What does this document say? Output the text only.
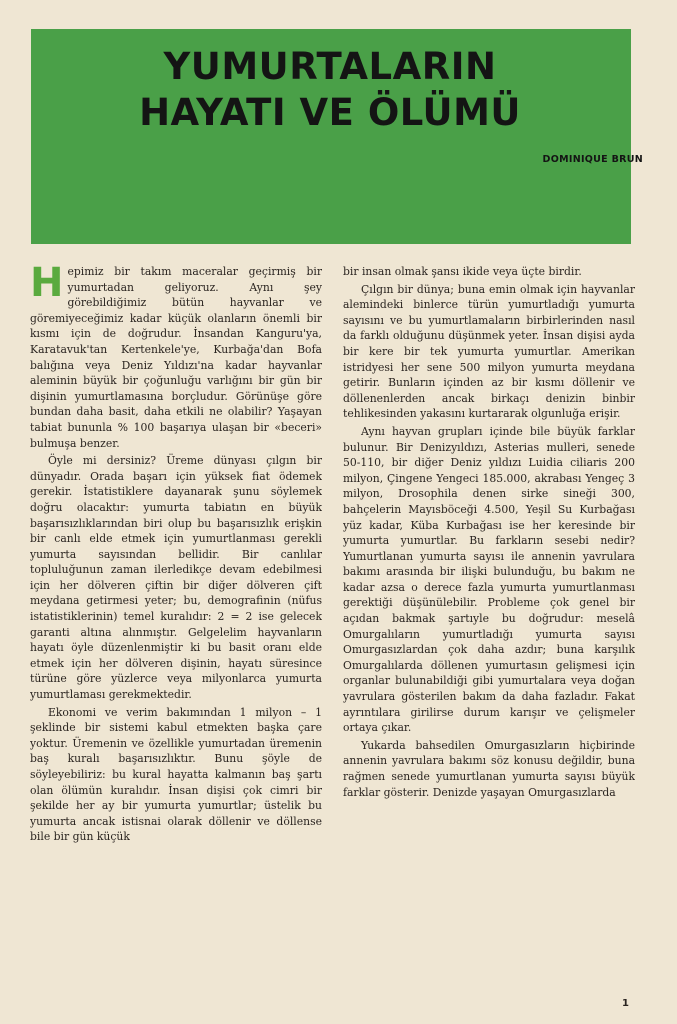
YUMURTALARIN
HAYATI VE ÖLÜMÜ
DOMINIQUE BRUN

Hepimiz bir takım maceralar geçirmiş bir yumurtadan geliyoruz. Aynı şey görebildiğimiz bütün hayvanlar ve göremiyeceğimiz kadar küçük olanların önemli bir kısmı için de doğrudur. İnsandan Kanguru'ya, Karatavuk'tan Kertenkele'ye, Kurbağa'dan Bofa balığına veya Deniz Yıldızı'na kadar hayvanlar aleminin büyük bir çoğunluğu varlığını bir gün bir dişinin yumurtlamasına borçludur. Görünüşe göre bundan daha basit, daha etkili ne olabilir? Yaşayan tabiat bununla % 100 başarıya ulaşan bir «beceri» bulmuşa benzer.

Öyle mi dersiniz? Üreme dünyası çılgın bir dünyadır. Orada başarı için yüksek fiat ödemek gerekir. İstatistiklere dayanarak şunu söylemek doğru olacaktır: yumurta tabiatın en büyük başarısızlıklarından biri olup bu başarısızlık erişkin bir canlı elde etmek için yumurtlanması gerekli yumurta sayısından bellidir. Bir canlılar topluluğunun zaman ilerledikçe devam edebilmesi için her dölveren çiftin bir diğer dölveren çift meydana getirmesi yeter; bu, demografinin (nüfus istatistiklerinin) temel kuralıdır: 2 = 2 ise gelecek garanti altına alınmıştır. Gelgelelim hayvanların hayatı öyle düzenlenmiştir ki bu basit oranı elde etmek için her dölveren dişinin, hayatı süresince türüne göre yüzlerce veya milyonlarca yumurta yumurtlaması gerekmektedir.

Ekonomi ve verim bakımından 1 milyon – 1 şeklinde bir sistemi kabul etmekten başka çare yoktur. Üremenin ve özellikle yumurtadan üremenin baş kuralı başarısızlıktır. Bunu şöyle de söyleyebiliriz: bu kural hayatta kalmanın baş şartı olan ölümün kuralıdır. İnsan dişisi çok cimri bir şekilde her ay bir yumurta yumurtlar; üstelik bu yumurta ancak istisnai olarak döllenir ve döllense bile bir gün küçük

bir insan olmak şansı ikide veya üçte birdir.

Çılgın bir dünya; buna emin olmak için hayvanlar alemindeki binlerce türün yumurtladığı yumurta sayısını ve bu yumurtlamaların birbirlerinden nasıl da farklı olduğunu düşünmek yeter. İnsan dişisi ayda bir kere bir tek yumurta yumurtlar. Amerikan istridyesi her sene 500 milyon yumurta meydana getirir. Bunların içinden az bir kısmı döllenir ve döllenenlerden ancak birkaçı denizin binbir tehlikesinden yakasını kurtararak olgunluğa erişir.

Aynı hayvan grupları içinde bile büyük farklar bulunur. Bir Denizyıldızı, Asterias mulleri, senede 50-110, bir diğer Deniz yıldızı Luidia ciliaris 200 milyon, Çingene Yengeci 185.000, akrabası Yengeç 3 milyon, Drosophila denen sirke sineği 300, bahçelerin Mayısböceği 4.500, Yeşil Su Kurbağası yüz kadar, Küba Kurbağası ise her keresinde bir yumurta yumurtlar. Bu farkların sesebi nedir? Yumurtlanan yumurta sayısı ile annenin yavrulara bakımı arasında bir ilişki bulunduğu, bu bakım ne kadar azsa o derece fazla yumurta yumurtlanması gerektiği düşünülebilir. Probleme çok genel bir açıdan bakmak şartıyle bu doğrudur: meselâ Omurgalıların yumurtladığı yumurta sayısı Omurgasızlardan çok daha azdır; buna karşılık Omurgalılarda döllenen yumurtasın gelişmesi için organlar bulunabildiği gibi yumurtalara veya doğan yavrulara gösterilen bakım da daha fazladır. Fakat ayrıntılara girilirse durum karışır ve çelişmeler ortaya çıkar.

Yukarda bahsedilen Omurgasızların hiçbirinde annenin yavrulara bakımı söz konusu değildir, buna rağmen senede yumurtlanan yumurta sayısı büyük farklar gösterir. Denizde yaşayan Omurgasızlarda

1
